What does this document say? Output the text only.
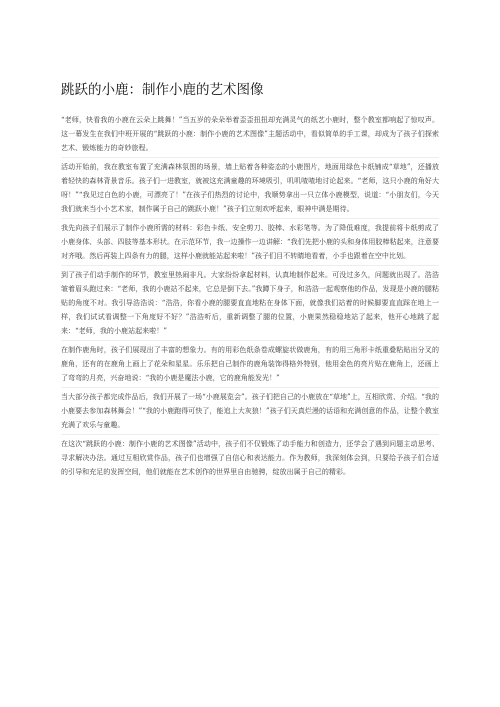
跳跃的小鹿：制作小鹿的艺术图像

“老师，快看我的小鹿在云朵上跳舞！”当五岁的朵朵举着歪歪扭扭却充满灵气的纸艺小鹿时，整个教室都响起了惊叹声。这一幕发生在我们中班开展的“跳跃的小鹿：制作小鹿的艺术图像”主题活动中，看似简单的手工课，却成为了孩子们探索艺术、锻炼能力的奇妙旅程。

活动开始前，我在教室布置了充满森林氛围的场景，墙上贴着各种姿态的小鹿图片，地面用绿色卡纸铺成“草地”，还播放着轻快的森林背景音乐。孩子们一进教室，就被这充满童趣的环境吸引，叽叽喳喳地讨论起来。“老师，这只小鹿的角好大呀！”“我见过白色的小鹿，可漂亮了！”在孩子们热烈的讨论中，我顺势拿出一只立体小鹿模型，说道：“小朋友们，今天我们就来当小小艺术家，制作属于自己的跳跃小鹿！”孩子们立刻欢呼起来，眼神中满是期待。

我先向孩子们展示了制作小鹿所需的材料：彩色卡纸、安全剪刀、胶棒、水彩笔等。为了降低难度，我提前将卡纸剪成了小鹿身体、头部、四肢等基本形状。在示范环节，我一边操作一边讲解：“我们先把小鹿的头和身体用胶棒粘起来，注意要对齐哦。然后再装上四条有力的腿，这样小鹿就能站起来啦！”孩子们目不转睛地看着，小手也跟着在空中比划。

到了孩子们动手制作的环节，教室里热闹非凡。大家纷纷拿起材料，认真地制作起来。可没过多久，问题就出现了。浩浩皱着眉头跑过来：“老师，我的小鹿站不起来，它总是倒下去。”我蹲下身子，和浩浩一起观察他的作品，发现是小鹿的腿粘贴的角度不对。我引导浩浩说：“浩浩，你看小鹿的腿要直直地粘在身体下面，就像我们站着的时候脚要直直踩在地上一样，我们试试看调整一下角度好不好？”浩浩听后，重新调整了腿的位置，小鹿果然稳稳地站了起来，他开心地跳了起来：“老师，我的小鹿站起来啦！”

在制作鹿角时，孩子们展现出了丰富的想象力。有的用彩色纸条卷成螺旋状做鹿角，有的用三角形卡纸重叠粘贴出分叉的鹿角，还有的在鹿角上画上了花朵和星星。乐乐把自己制作的鹿角装饰得格外特别，他用金色的亮片贴在鹿角上，还画上了弯弯的月亮，兴奋地说：“我的小鹿是魔法小鹿，它的鹿角能发光！”

当大部分孩子都完成作品后，我们开展了一场“小鹿展览会”。孩子们把自己的小鹿放在“草地”上，互相欣赏、介绍。“我的小鹿要去参加森林舞会！”“我的小鹿跑得可快了，能追上大灰狼！”孩子们天真烂漫的话语和充满创意的作品，让整个教室充满了欢乐与童趣。

在这次“跳跃的小鹿：制作小鹿的艺术图像”活动中，孩子们不仅锻炼了动手能力和创造力，还学会了遇到问题主动思考、寻求解决办法。通过互相欣赏作品，孩子们也增强了自信心和表达能力。作为教师，我深刻体会到，只要给予孩子们合适的引导和充足的发挥空间，他们就能在艺术创作的世界里自由驰骋，绽放出属于自己的精彩。
